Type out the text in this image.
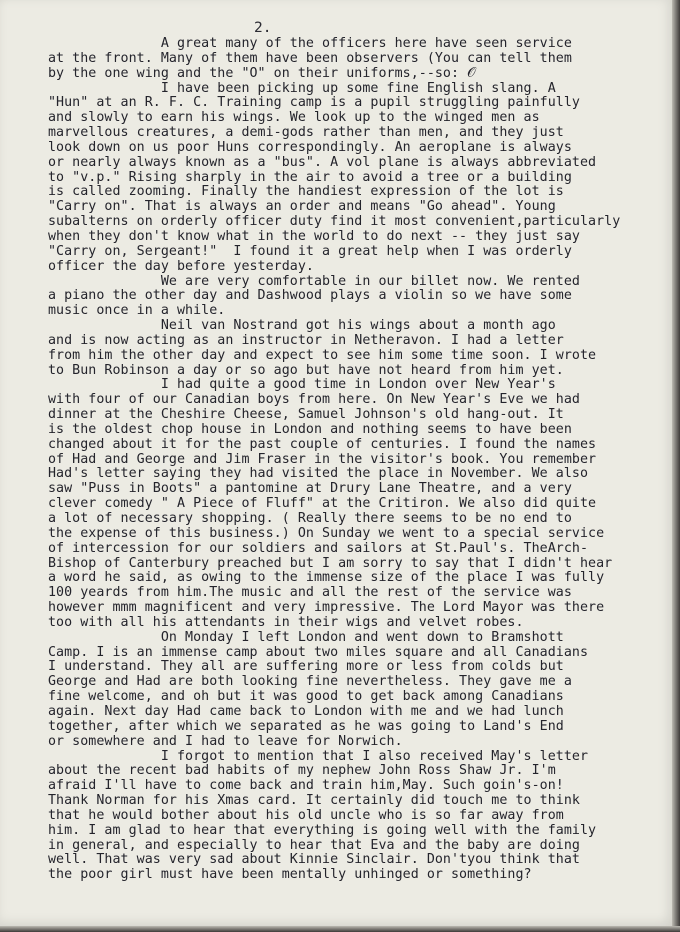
2.
A great many of the officers here have seen service
at the front. Many of them have been observers (You can tell them
by the one wing and the "O" on their uniforms,--so: 𝒪
I have been picking up some fine English slang. A
"Hun" at an R. F. C. Training camp is a pupil struggling painfully
and slowly to earn his wings. We look up to the winged men as
marvellous creatures, a demi-gods rather than men, and they just
look down on us poor Huns correspondingly. An aeroplane is always
or nearly always known as a "bus". A vol plane is always abbreviated
to "v.p." Rising sharply in the air to avoid a tree or a building
is called zooming. Finally the handiest expression of the lot is
"Carry on". That is always an order and means "Go ahead". Young
subalterns on orderly officer duty find it most convenient,particularly
when they don't know what in the world to do next -- they just say
"Carry on, Sergeant!"  I found it a great help when I was orderly
officer the day before yesterday.
We are very comfortable in our billet now. We rented
a piano the other day and Dashwood plays a violin so we have some
music once in a while.
Neil van Nostrand got his wings about a month ago
and is now acting as an instructor in Netheravon. I had a letter
from him the other day and expect to see him some time soon. I wrote
to Bun Robinson a day or so ago but have not heard from him yet.
I had quite a good time in London over New Year's
with four of our Canadian boys from here. On New Year's Eve we had
dinner at the Cheshire Cheese, Samuel Johnson's old hang-out. It
is the oldest chop house in London and nothing seems to have been
changed about it for the past couple of centuries. I found the names
of Had and George and Jim Fraser in the visitor's book. You remember
Had's letter saying they had visited the place in November. We also
saw "Puss in Boots" a pantomine at Drury Lane Theatre, and a very
clever comedy " A Piece of Fluff" at the Critiron. We also did quite
a lot of necessary shopping. ( Really there seems to be no end to
the expense of this business.) On Sunday we went to a special service
of intercession for our soldiers and sailors at St.Paul's. TheArch-
Bishop of Canterbury preached but I am sorry to say that I didn't hear
a word he said, as owing to the immense size of the place I was fully
100 yeards from him.The music and all the rest of the service was
however mmm magnificent and very impressive. The Lord Mayor was there
too with all his attendants in their wigs and velvet robes.
On Monday I left London and went down to Bramshott
Camp. I is an immense camp about two miles square and all Canadians
I understand. They all are suffering more or less from colds but
George and Had are both looking fine nevertheless. They gave me a
fine welcome, and oh but it was good to get back among Canadians
again. Next day Had came back to London with me and we had lunch
together, after which we separated as he was going to Land's End
or somewhere and I had to leave for Norwich.
I forgot to mention that I also received May's letter
about the recent bad habits of my nephew John Ross Shaw Jr. I'm
afraid I'll have to come back and train him,May. Such goin's-on!
Thank Norman for his Xmas card. It certainly did touch me to think
that he would bother about his old uncle who is so far away from
him. I am glad to hear that everything is going well with the family
in general, and especially to hear that Eva and the baby are doing
well. That was very sad about Kinnie Sinclair. Don'tyou think that
the poor girl must have been mentally unhinged or something?
